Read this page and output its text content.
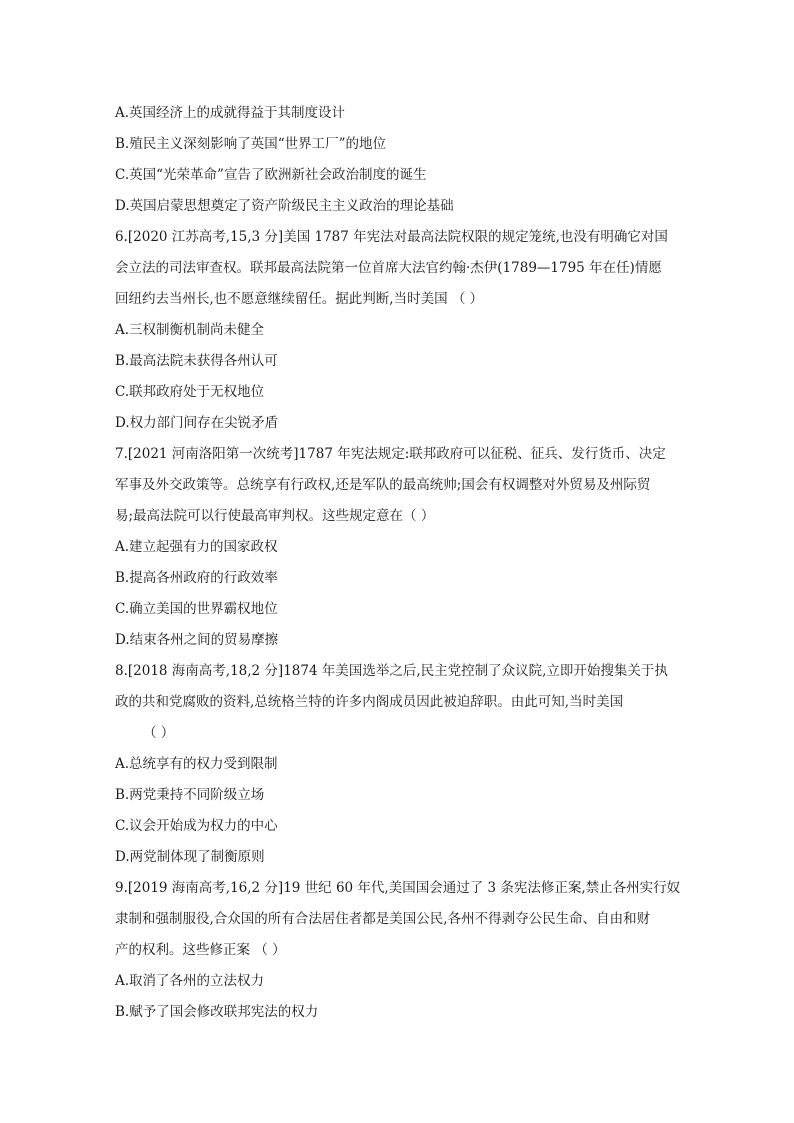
A.英国经济上的成就得益于其制度设计
B.殖民主义深刻影响了英国“世界工厂”的地位
C.英国“光荣革命”宣告了欧洲新社会政治制度的诞生
D.英国启蒙思想奠定了资产阶级民主主义政治的理论基础
6.[2020 江苏高考,15,3 分]美国 1787 年宪法对最高法院权限的规定笼统,也没有明确它对国
会立法的司法审查权。联邦最高法院第一位首席大法官约翰·杰伊(1789—1795 年在任)情愿
回纽约去当州长,也不愿意继续留任。据此判断,当时美国 （ ）
A.三权制衡机制尚未健全
B.最高法院未获得各州认可
C.联邦政府处于无权地位
D.权力部门间存在尖锐矛盾
7.[2021 河南洛阳第一次统考]1787 年宪法规定:联邦政府可以征税、征兵、发行货币、决定
军事及外交政策等。总统享有行政权,还是军队的最高统帅;国会有权调整对外贸易及州际贸
易;最高法院可以行使最高审判权。这些规定意在（ ）
A.建立起强有力的国家政权
B.提高各州政府的行政效率
C.确立美国的世界霸权地位
D.结束各州之间的贸易摩擦
8.[2018 海南高考,18,2 分]1874 年美国选举之后,民主党控制了众议院,立即开始搜集关于执
政的共和党腐败的资料,总统格兰特的许多内阁成员因此被迫辞职。由此可知,当时美国
（ ）
A.总统享有的权力受到限制
B.两党秉持不同阶级立场
C.议会开始成为权力的中心
D.两党制体现了制衡原则
9.[2019 海南高考,16,2 分]19 世纪 60 年代,美国国会通过了 3 条宪法修正案,禁止各州实行奴
隶制和强制服役,合众国的所有合法居住者都是美国公民,各州不得剥夺公民生命、自由和财
产的权利。这些修正案 （ ）
A.取消了各州的立法权力
B.赋予了国会修改联邦宪法的权力
